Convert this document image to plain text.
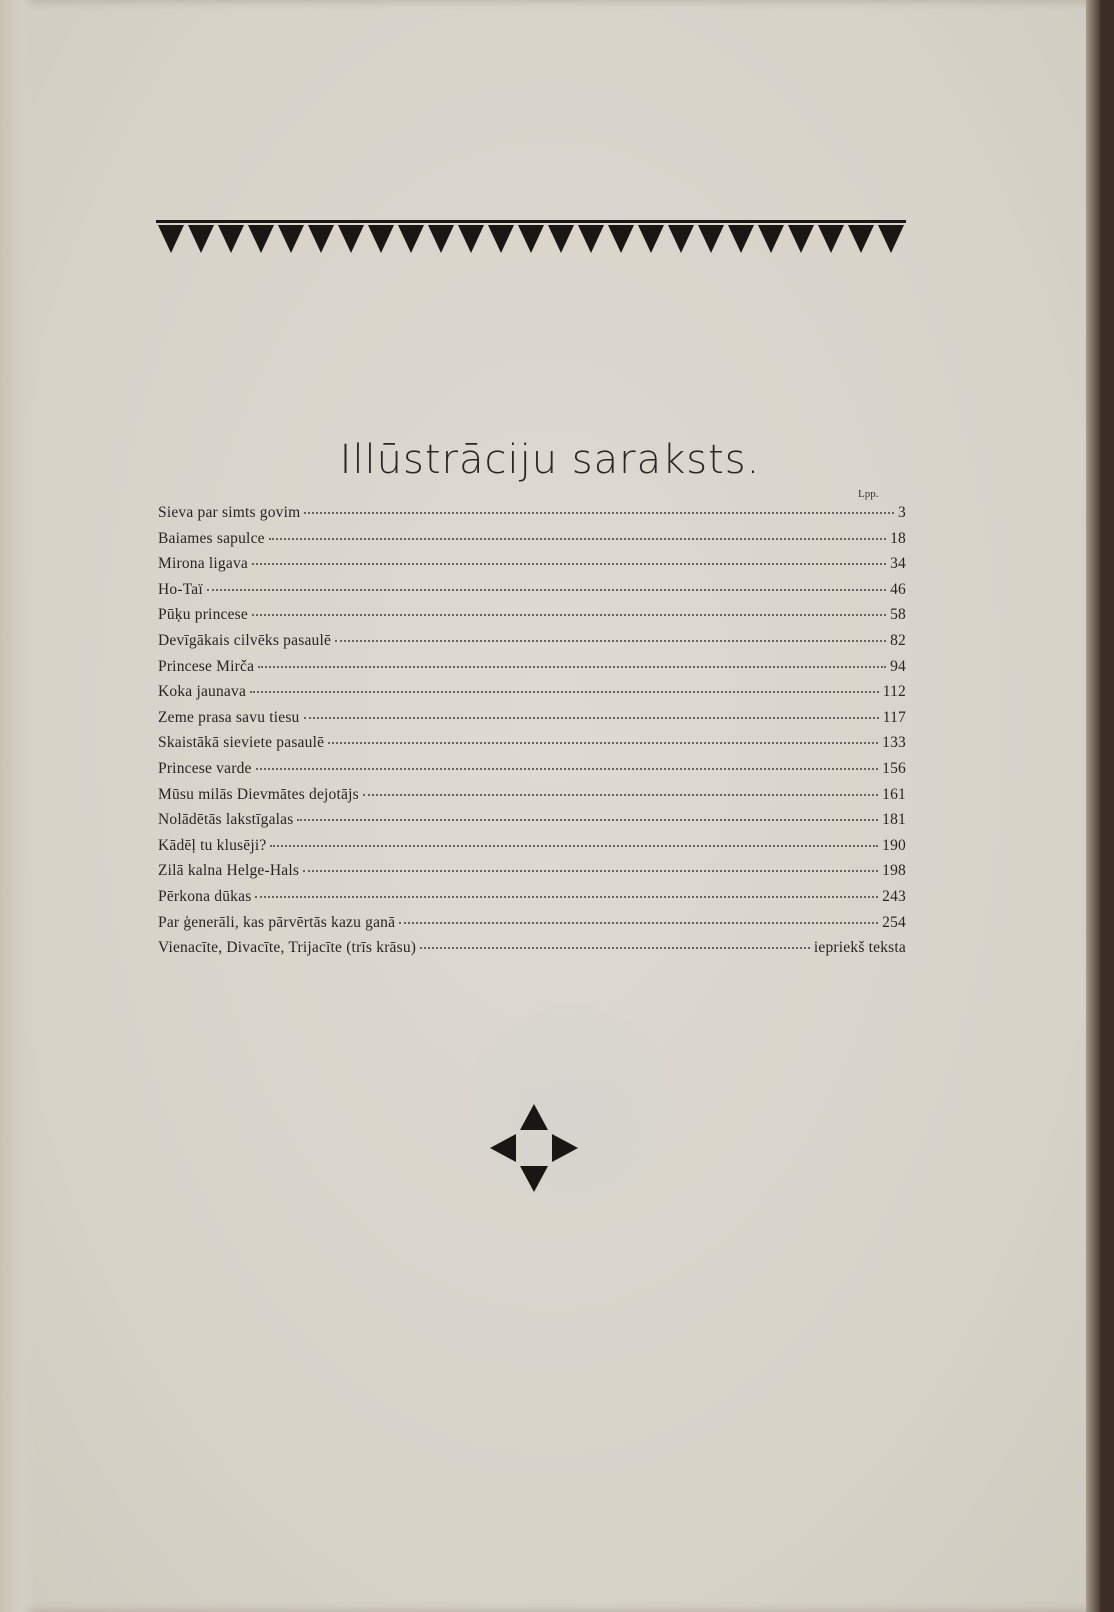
Illūstrāciju saraksts.
Lpp.
Sieva par simts govim	3
Baiames sapulce	18
Mirona ligava	34
Ho-Taï	46
Pūķu princese	58
Devīgākais cilvēks pasaulē	82
Princese Mirča	94
Koka jaunava	112
Zeme prasa savu tiesu	117
Skaistākā sieviete pasaulē	133
Princese varde	156
Mūsu milās Dievmātes dejotājs	161
Nolādētās lakstīgalas	181
Kādēļ tu klusēji?	190
Zilā kalna Helge-Hals	198
Pērkona dūkas	243
Par ģenerāli, kas pārvērtās kazu ganā	254
Vienacīte, Divacīte, Trijacīte (trīs krāsu)	iepriekš teksta
